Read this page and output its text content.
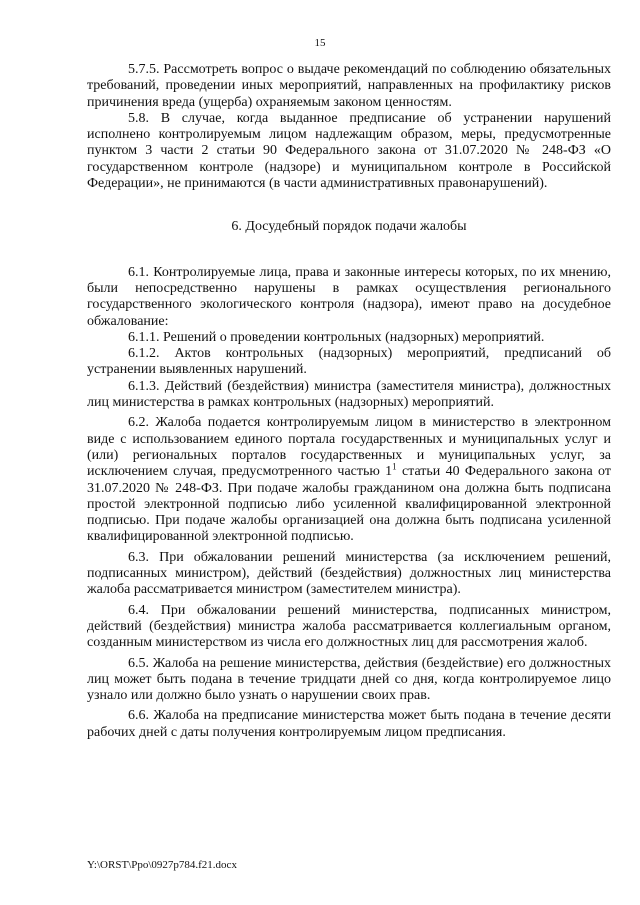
15

5.7.5. Рассмотреть вопрос о выдаче рекомендаций по соблюдению обязательных требований, проведении иных мероприятий, направленных на профилактику рисков причинения вреда (ущерба) охраняемым законом ценностям.

5.8. В случае, когда выданное предписание об устранении нарушений исполнено контролируемым лицом надлежащим образом, меры, предусмотренные пунктом 3 части 2 статьи 90 Федерального закона от 31.07.2020 № 248-ФЗ «О государственном контроле (надзоре) и муниципальном контроле в Российской Федерации», не принимаются (в части административных правонарушений).

6. Досудебный порядок подачи жалобы

6.1. Контролируемые лица, права и законные интересы которых, по их мнению, были непосредственно нарушены в рамках осуществления регионального государственного экологического контроля (надзора), имеют право на досудебное обжалование:

6.1.1. Решений о проведении контрольных (надзорных) мероприятий.

6.1.2. Актов контрольных (надзорных) мероприятий, предписаний об устранении выявленных нарушений.

6.1.3. Действий (бездействия) министра (заместителя министра), должностных лиц министерства в рамках контрольных (надзорных) мероприятий.

6.2. Жалоба подается контролируемым лицом в министерство в электронном виде с использованием единого портала государственных и муниципальных услуг и (или) региональных порталов государственных и муниципальных услуг, за исключением случая, предусмотренного частью $1^1$ статьи 40 Федерального закона от 31.07.2020 № 248-ФЗ. При подаче жалобы гражданином она должна быть подписана простой электронной подписью либо усиленной квалифицированной электронной подписью. При подаче жалобы организацией она должна быть подписана усиленной квалифицированной электронной подписью.

6.3. При обжаловании решений министерства (за исключением решений, подписанных министром), действий (бездействия) должностных лиц министерства жалоба рассматривается министром (заместителем министра).

6.4. При обжаловании решений министерства, подписанных министром, действий (бездействия) министра жалоба рассматривается коллегиальным органом, созданным министерством из числа его должностных лиц для рассмотрения жалоб.

6.5. Жалоба на решение министерства, действия (бездействие) его должностных лиц может быть подана в течение тридцати дней со дня, когда контролируемое лицо узнало или должно было узнать о нарушении своих прав.

6.6. Жалоба на предписание министерства может быть подана в течение десяти рабочих дней с даты получения контролируемым лицом предписания.

Y:\ORST\Ppo\0927p784.f21.docx
